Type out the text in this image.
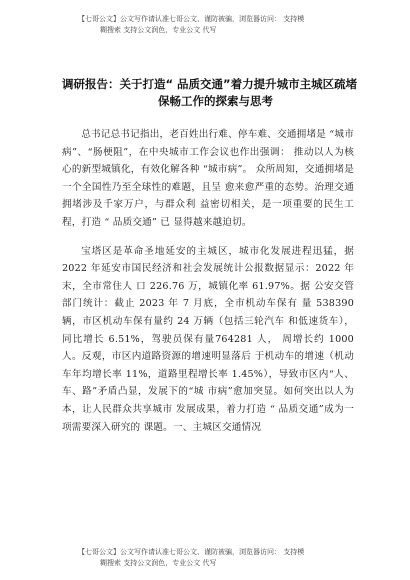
【七哥公文】公文写作请认准七哥公文、谨防被骗，浏览器访问： 支持模
糊搜索 支持公文润色，专业公文 代写
调研报告：关于打造“ 品质交通”着力提升城市主城区疏堵
保畅工作的探索与思考

总书记总书记指出，老百姓出行难、停车难、交通拥堵是 “城市病”、“肠梗阻”，在中央城市工作会议也作出强调： 推动以人为核心的新型城镇化，有效化解各种 “城市病”。 众所周知，交通拥堵是一个全国性乃至全球性的难题，且呈 愈来愈严重的态势。治理交通拥堵涉及千家万户，与群众利 益密切相关，是一项重要的民生工程，打造 “ 品质交通” 已 显得越来越迫切。

宝塔区是革命圣地延安的主城区，城市化发展进程迅猛，据 2022 年延安市国民经济和社会发展统计公报数据显示：2022 年末，全市常住人 口 226.76 万，城镇化率 61.97%。据 公安交管部门统计：截止 2023 年 7 月底，全市机动车保有 量 538390 辆，市区机动车保有量约 24 万辆（包括三轮汽车 和低速货车）， 同比增长 6.51%，驾驶员保有量764281 人， 周增长约 1000 人。反观，市区内道路资源的增速明显落后 于机动车的增速（机动车年均增长率 11%，道路里程增长率 1.45%），导致市区内“人、车、路”矛盾凸显，发展下的“城 市病”愈加突显。如何突出以人为本，让人民群众共享城市 发展成果，着力打造 “ 品质交通”成为一项需要深入研究的 课题。一、主城区交通情况

【七哥公文】公文写作请认准七哥公文、谨防被骗，浏览器访问： 支持模
糊搜索 支持公文润色，专业公文 代写
